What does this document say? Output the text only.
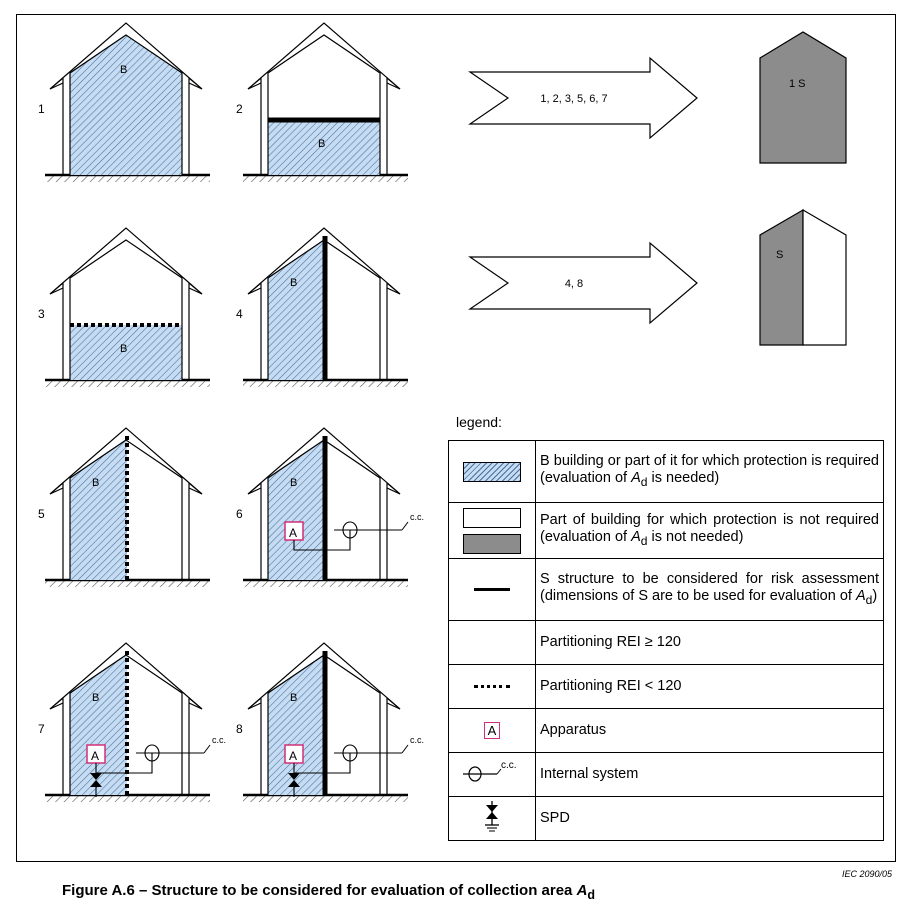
B
1
B
2
B
3
B
4
B
5
B
6
A
c.c.
B
7
A
c.c.
B
8
A
c.c.
1, 2, 3, 5, 6, 7
4, 8
1 S
S
legend:
	B building or part of it for which protection is required (evaluation of $A_d$ is needed)

	Part of building for which protection is not required (evaluation of $A_d$ is not needed)

	S structure to be considered for risk assessment (dimensions of S are to be used for evaluation of $A_d$)
	Partitioning REI ≥ 120

	Partitioning REI < 120
A	Apparatus

c.c.	Internal system
	SPD
IEC 2090/05
Figure A.6 – Structure to be considered for evaluation of collection area $A_d$
